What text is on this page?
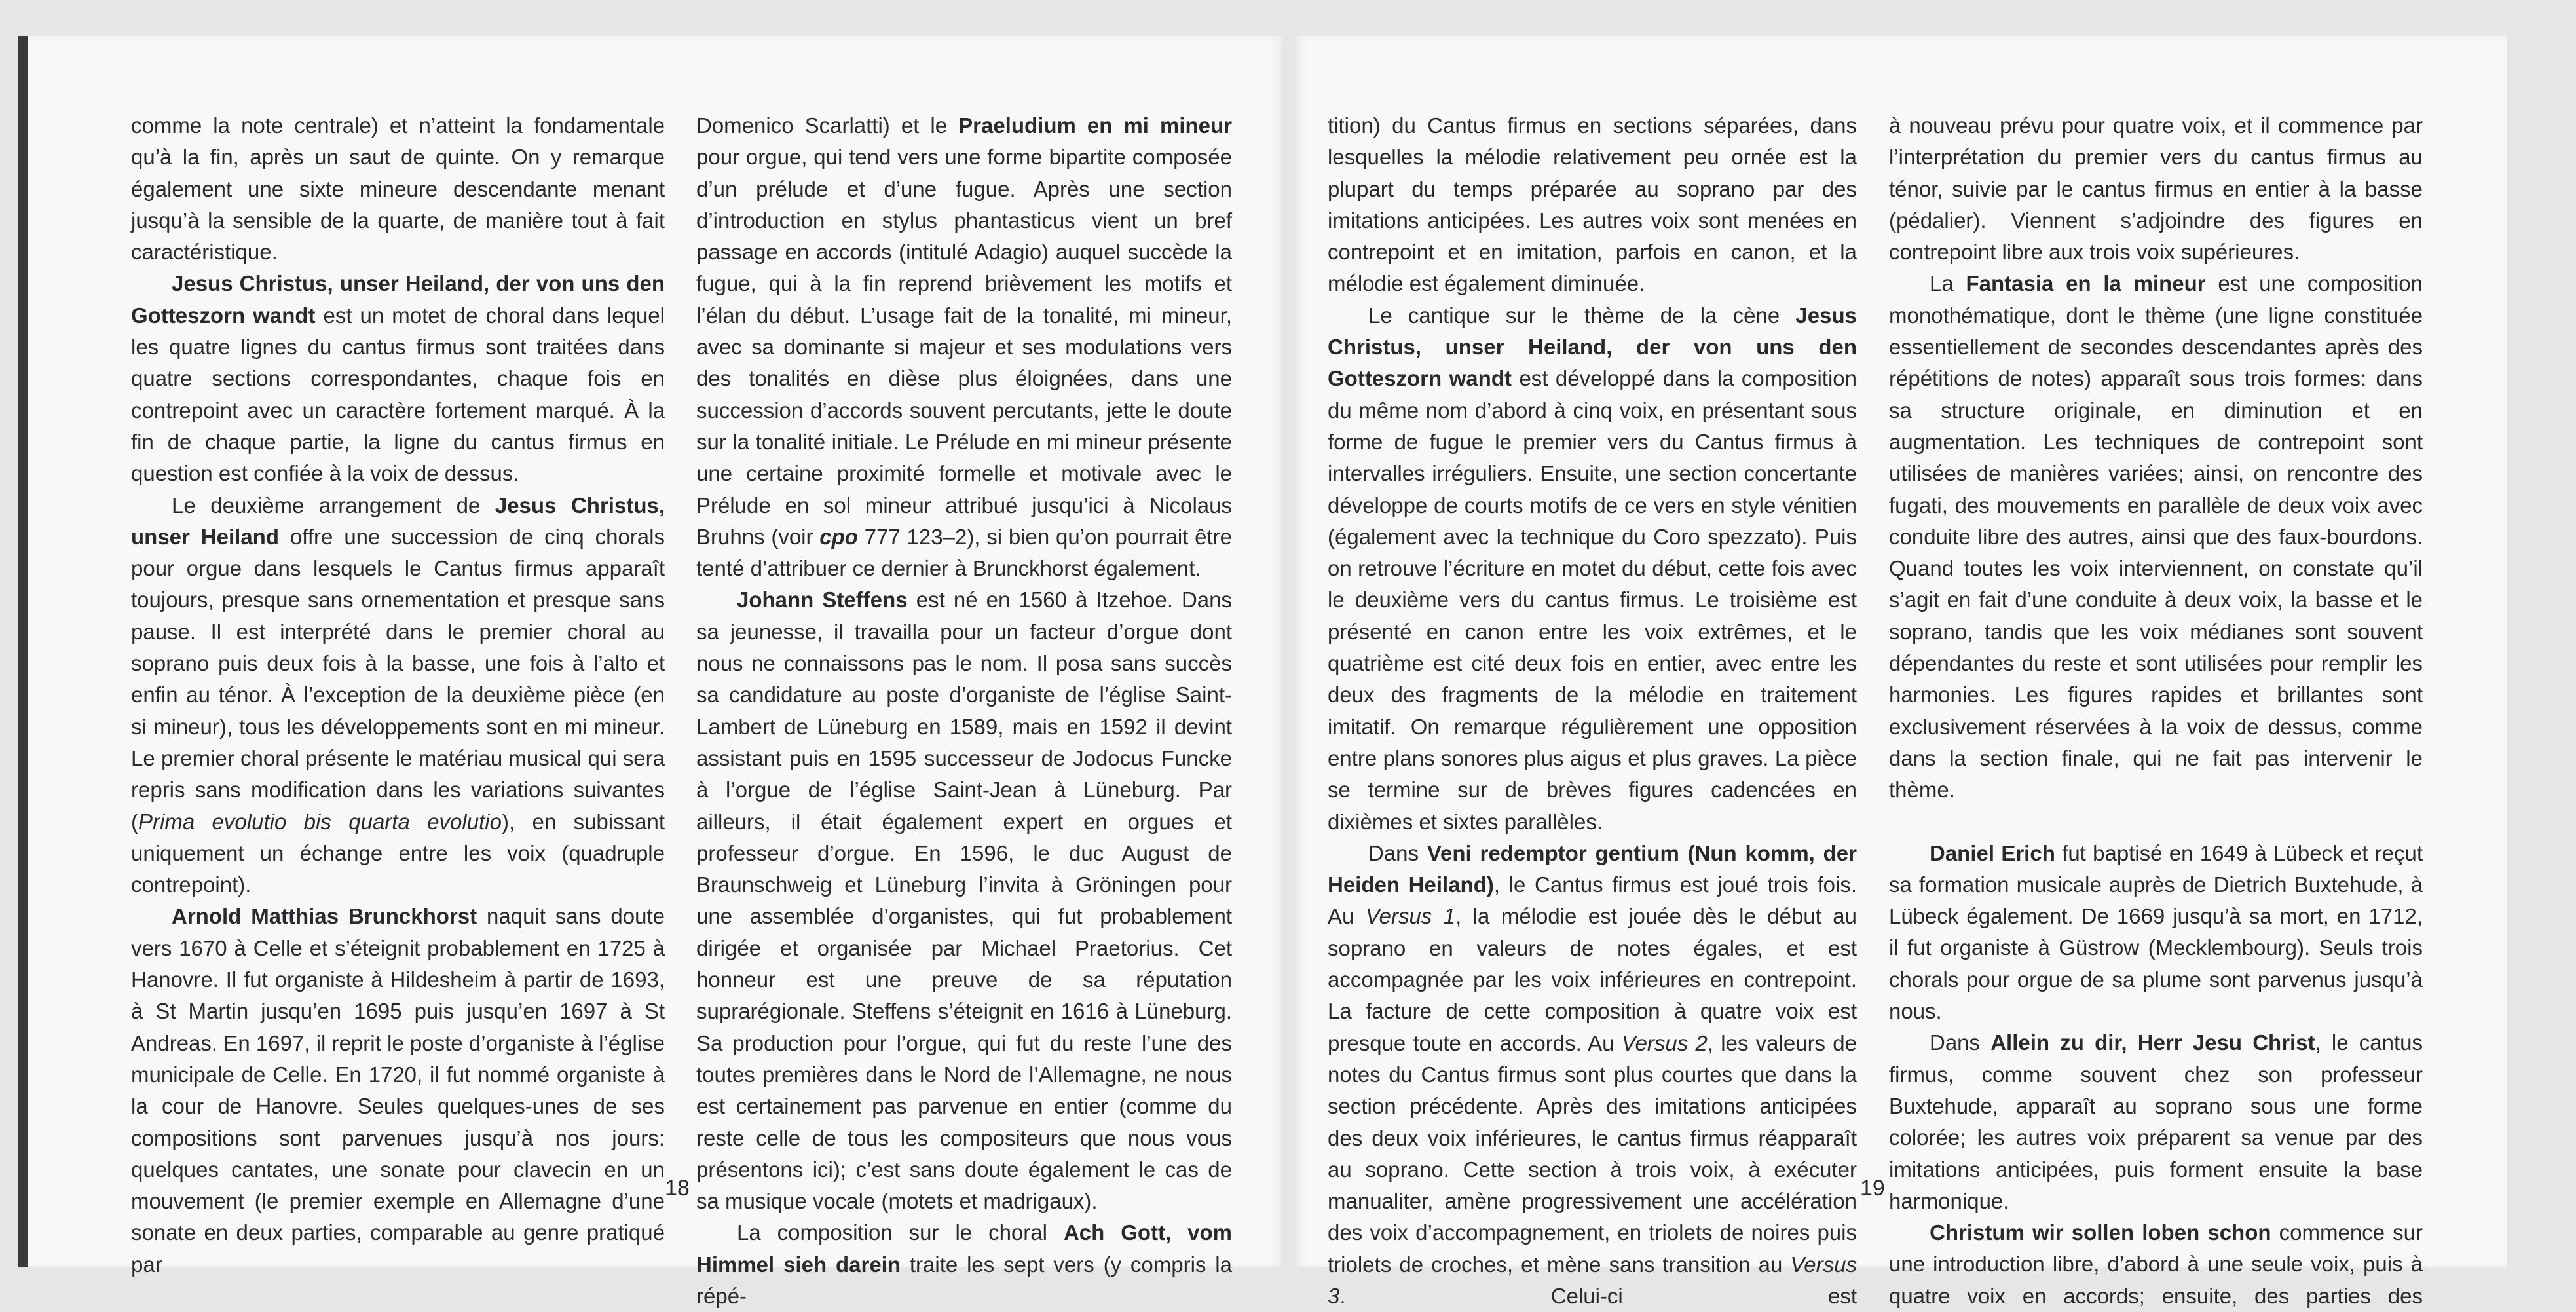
comme la note centrale) et n’atteint la fondamentale qu’à la fin, après un saut de quinte. On y remarque également une sixte mineure descendante menant jusqu’à la sensible de la quarte, de manière tout à fait caractéristique.

Jesus Christus, unser Heiland, der von uns den Gotteszorn wandt est un motet de choral dans lequel les quatre lignes du cantus firmus sont traitées dans quatre sections correspondantes, chaque fois en contrepoint avec un caractère fortement marqué. À la fin de chaque partie, la ligne du cantus firmus en question est confiée à la voix de dessus.

Le deuxième arrangement de Jesus Christus, unser Heiland offre une succession de cinq chorals pour orgue dans lesquels le Cantus firmus apparaît toujours, presque sans ornementation et presque sans pause. Il est interprété dans le premier choral au soprano puis deux fois à la basse, une fois à l’alto et enfin au ténor. À l’exception de la deuxième pièce (en si mineur), tous les développements sont en mi mineur. Le premier choral présente le matériau musical qui sera repris sans modification dans les variations suivantes (Prima evolutio bis quarta evolutio), en subissant uniquement un échange entre les voix (quadruple contrepoint).

Arnold Matthias Brunckhorst naquit sans doute vers 1670 à Celle et s’éteignit probablement en 1725 à Hanovre. Il fut organiste à Hildesheim à partir de 1693, à St Martin jusqu’en 1695 puis jusqu’en 1697 à St Andreas. En 1697, il reprit le poste d’organiste à l’église municipale de Celle. En 1720, il fut nommé organiste à la cour de Hanovre. Seules quelques-unes de ses compositions sont parvenues jusqu’à nos jours: quelques cantates, une sonate pour clavecin en un mouvement (le premier exemple en Allemagne d’une sonate en deux parties, comparable au genre pratiqué par

Domenico Scarlatti) et le Praeludium en mi mineur pour orgue, qui tend vers une forme bipartite composée d’un prélude et d’une fugue. Après une section d’introduction en stylus phantasticus vient un bref passage en accords (intitulé Adagio) auquel succède la fugue, qui à la fin reprend brièvement les motifs et l’élan du début. L’usage fait de la tonalité, mi mineur, avec sa dominante si majeur et ses modulations vers des tonalités en dièse plus éloignées, dans une succession d’accords souvent percutants, jette le doute sur la tonalité initiale. Le Prélude en mi mineur présente une certaine proximité formelle et motivale avec le Prélude en sol mineur attribué jusqu’ici à Nicolaus Bruhns (voir cpo 777 123–2), si bien qu’on pourrait être tenté d’attribuer ce dernier à Brunckhorst également.

Johann Steffens est né en 1560 à Itzehoe. Dans sa jeunesse, il travailla pour un facteur d’orgue dont nous ne connaissons pas le nom. Il posa sans succès sa candidature au poste d’organiste de l’église Saint-Lambert de Lüneburg en 1589, mais en 1592 il devint assistant puis en 1595 successeur de Jodocus Funcke à l’orgue de l’église Saint-Jean à Lüneburg. Par ailleurs, il était également expert en orgues et professeur d’orgue. En 1596, le duc August de Braunschweig et Lüneburg l’invita à Gröningen pour une assemblée d’organistes, qui fut probablement dirigée et organisée par Michael Praetorius. Cet honneur est une preuve de sa réputation suprarégionale. Steffens s’éteignit en 1616 à Lüneburg. Sa production pour l’orgue, qui fut du reste l’une des toutes premières dans le Nord de l’Allemagne, ne nous est certainement pas parvenue en entier (comme du reste celle de tous les compositeurs que nous vous présentons ici); c’est sans doute également le cas de sa musique vocale (motets et madrigaux).

La composition sur le choral Ach Gott, vom Himmel sieh darein traite les sept vers (y compris la répé-

tition) du Cantus firmus en sections séparées, dans lesquelles la mélodie relativement peu ornée est la plupart du temps préparée au soprano par des imitations anticipées. Les autres voix sont menées en contrepoint et en imitation, parfois en canon, et la mélodie est également diminuée.

Le cantique sur le thème de la cène Jesus Christus, unser Heiland, der von uns den Gotteszorn wandt est développé dans la composition du même nom d’abord à cinq voix, en présentant sous forme de fugue le premier vers du Cantus firmus à intervalles irréguliers. Ensuite, une section concertante développe de courts motifs de ce vers en style vénitien (également avec la technique du Coro spezzato). Puis on retrouve l’écriture en motet du début, cette fois avec le deuxième vers du cantus firmus. Le troisième est présenté en canon entre les voix extrêmes, et le quatrième est cité deux fois en entier, avec entre les deux des fragments de la mélodie en traitement imitatif. On remarque régulièrement une opposition entre plans sonores plus aigus et plus graves. La pièce se termine sur de brèves figures cadencées en dixièmes et sixtes parallèles.

Dans Veni redemptor gentium (Nun komm, der Heiden Heiland), le Cantus firmus est joué trois fois. Au Versus 1, la mélodie est jouée dès le début au soprano en valeurs de notes égales, et est accompagnée par les voix inférieures en contrepoint. La facture de cette composition à quatre voix est presque toute en accords. Au Versus 2, les valeurs de notes du Cantus firmus sont plus courtes que dans la section précédente. Après des imitations anticipées des deux voix inférieures, le cantus firmus réapparaît au soprano. Cette section à trois voix, à exécuter manualiter, amène progressivement une accélération des voix d’accompagnement, en triolets de noires puis triolets de croches, et mène sans transition au Versus 3. Celui-ci est

à nouveau prévu pour quatre voix, et il commence par l’interprétation du premier vers du cantus firmus au ténor, suivie par le cantus firmus en entier à la basse (pédalier). Viennent s’adjoindre des figures en contrepoint libre aux trois voix supérieures.

La Fantasia en la mineur est une composition monothématique, dont le thème (une ligne constituée essentiellement de secondes descendantes après des répétitions de notes) apparaît sous trois formes: dans sa structure originale, en diminution et en augmentation. Les techniques de contrepoint sont utilisées de manières variées; ainsi, on rencontre des fugati, des mouvements en parallèle de deux voix avec conduite libre des autres, ainsi que des faux-bourdons. Quand toutes les voix interviennent, on constate qu’il s’agit en fait d’une conduite à deux voix, la basse et le soprano, tandis que les voix médianes sont souvent dépendantes du reste et sont utilisées pour remplir les harmonies. Les figures rapides et brillantes sont exclusivement réservées à la voix de dessus, comme dans la section finale, qui ne fait pas intervenir le thème.

Daniel Erich fut baptisé en 1649 à Lübeck et reçut sa formation musicale auprès de Dietrich Buxtehude, à Lübeck également. De 1669 jusqu’à sa mort, en 1712, il fut organiste à Güstrow (Mecklembourg). Seuls trois chorals pour orgue de sa plume sont parvenus jusqu’à nous.

Dans Allein zu dir, Herr Jesu Christ, le cantus firmus, comme souvent chez son professeur Buxtehude, apparaît au soprano sous une forme colorée; les autres voix préparent sa venue par des imitations anticipées, puis forment ensuite la base harmonique.

Christum wir sollen loben schon commence sur une introduction libre, d’abord à une seule voix, puis à quatre voix en accords; ensuite, des parties des

18	19
